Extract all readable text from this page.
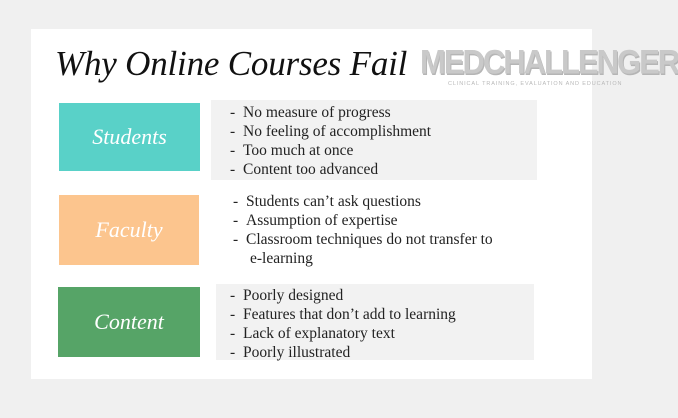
Why Online Courses Fail MEDCHALLENGER
CLINICAL TRAINING, EVALUATION AND EDUCATION
Students
- No measure of progress
- No feeling of accomplishment
- Too much at once
- Content too advanced
Faculty
- Students can’t ask questions
- Assumption of expertise
- Classroom techniques do not transfer to
e-learning
Content
- Poorly designed
- Features that don’t add to learning
- Lack of explanatory text
- Poorly illustrated
